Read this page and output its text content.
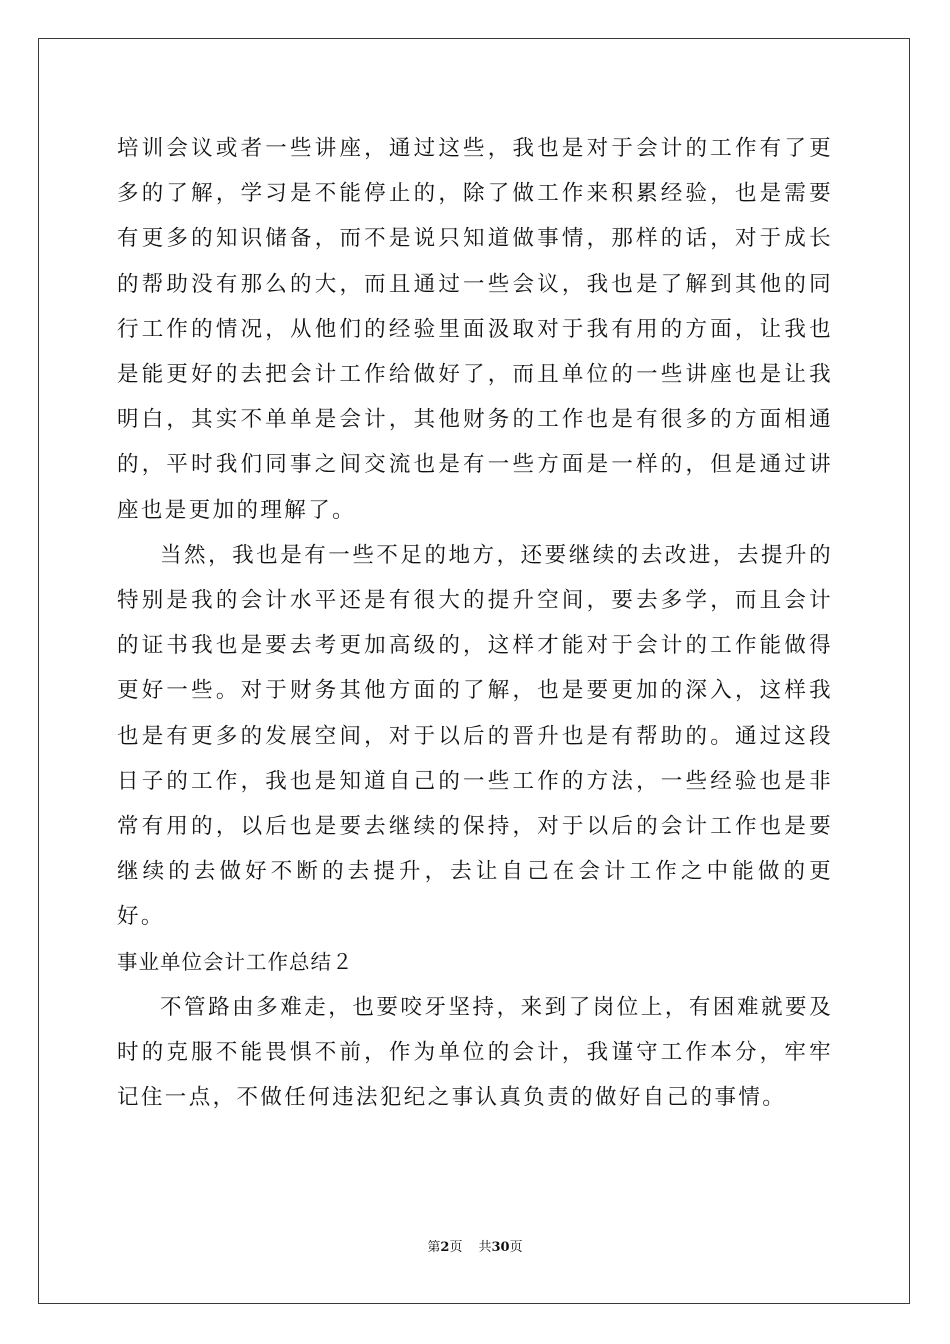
培训会议或者一些讲座，通过这些，我也是对于会计的工作有了更多的了解，学习是不能停止的，除了做工作来积累经验，也是需要有更多的知识储备，而不是说只知道做事情，那样的话，对于成长的帮助没有那么的大，而且通过一些会议，我也是了解到其他的同行工作的情况，从他们的经验里面汲取对于我有用的方面，让我也是能更好的去把会计工作给做好了，而且单位的一些讲座也是让我明白，其实不单单是会计，其他财务的工作也是有很多的方面相通的，平时我们同事之间交流也是有一些方面是一样的，但是通过讲座也是更加的理解了。

当然，我也是有一些不足的地方，还要继续的去改进，去提升的特别是我的会计水平还是有很大的提升空间，要去多学，而且会计的证书我也是要去考更加高级的，这样才能对于会计的工作能做得更好一些。对于财务其他方面的了解，也是要更加的深入，这样我也是有更多的发展空间，对于以后的晋升也是有帮助的。通过这段日子的工作，我也是知道自己的一些工作的方法，一些经验也是非常有用的，以后也是要去继续的保持，对于以后的会计工作也是要继续的去做好不断的去提升，去让自己在会计工作之中能做的更好。

事业单位会计工作总结２

不管路由多难走，也要咬牙坚持，来到了岗位上，有困难就要及时的克服不能畏惧不前，作为单位的会计，我谨守工作本分，牢牢记住一点，不做任何违法犯纪之事认真负责的做好自己的事情。

第2页 共30页
